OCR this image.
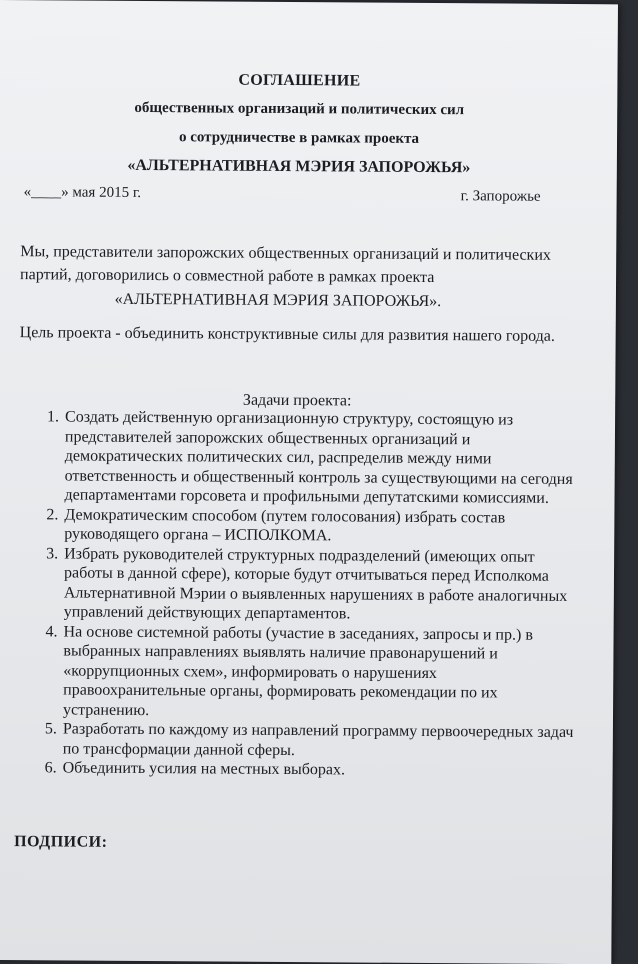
СОГЛАШЕНИЕ
общественных организаций и политических сил
о сотрудничестве в рамках проекта
«АЛЬТЕРНАТИВНАЯ МЭРИЯ ЗАПОРОЖЬЯ»
«____» мая 2015 г.	г. Запорожье
Мы, представители запорожских общественных организаций и политических партий, договорились о совместной работе в рамках проекта
«АЛЬТЕРНАТИВНАЯ МЭРИЯ ЗАПОРОЖЬЯ».
Цель проекта - объединить конструктивные силы для развития нашего города.
Задачи проекта:
1. Создать действенную организационную структуру, состоящую из представителей запорожских общественных организаций и демократических политических сил, распределив между ними ответственность и общественный контроль за существующими на сегодня департаментами горсовета и профильными депутатскими комиссиями.
2. Демократическим способом (путем голосования) избрать состав руководящего органа – ИСПОЛКОМА.
3. Избрать руководителей структурных подразделений (имеющих опыт работы в данной сфере), которые будут отчитываться перед Исполкома Альтернативной Мэрии о выявленных нарушениях в работе аналогичных управлений действующих департаментов.
4. На основе системной работы (участие в заседаниях, запросы и пр.) в выбранных направлениях выявлять наличие правонарушений и «коррупционных схем», информировать о нарушениях правоохранительные органы, формировать рекомендации по их устранению.
5. Разработать по каждому из направлений программу первоочередных задач по трансформации данной сферы.
6. Объединить усилия на местных выборах.
ПОДПИСИ:
